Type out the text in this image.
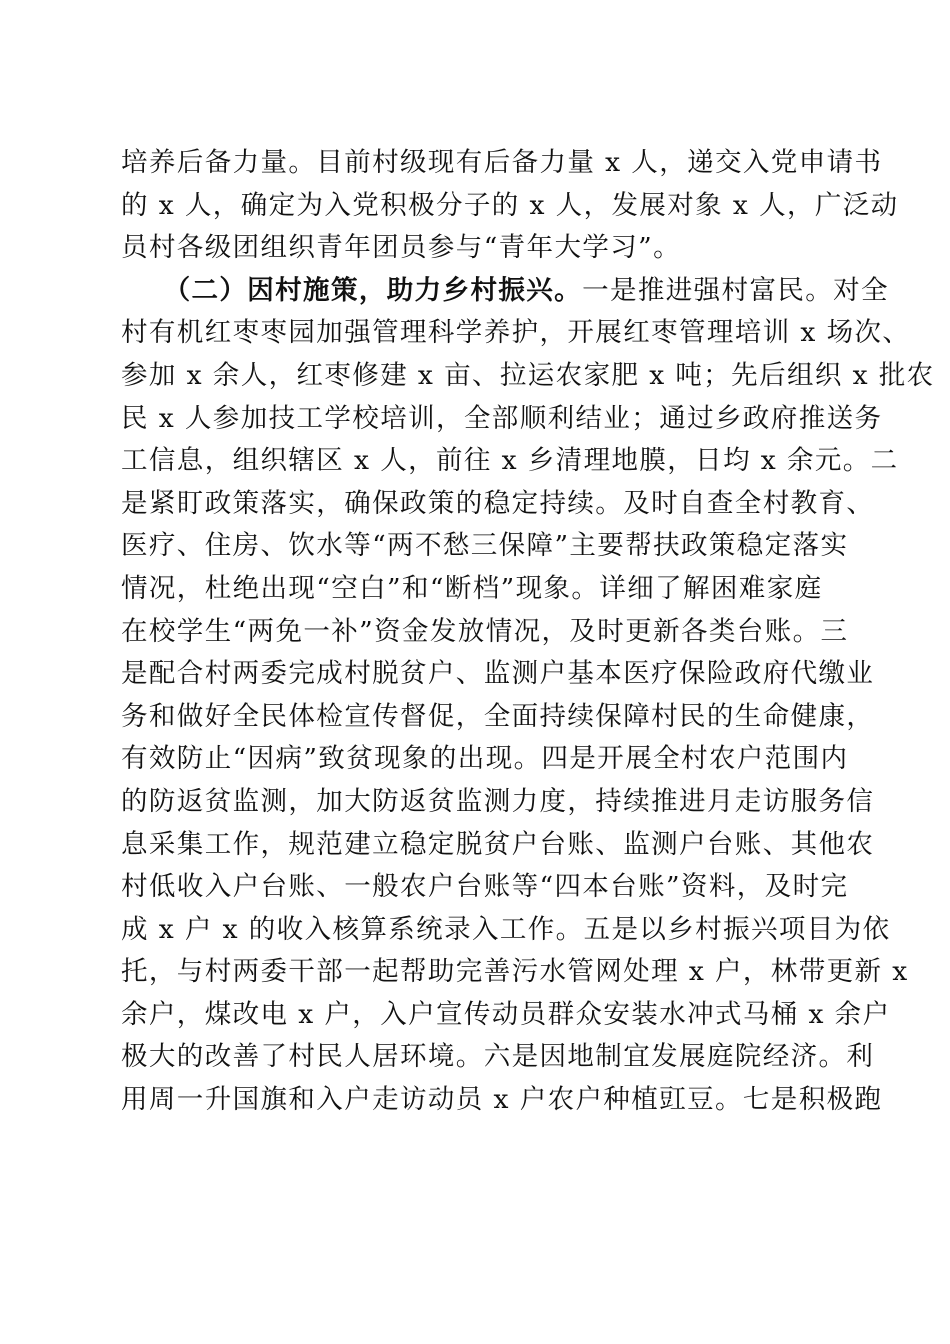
培养后备力量。目前村级现有后备力量 x 人，递交入党申请书
的 x 人，确定为入党积极分子的 x 人，发展对象 x 人，广泛动
员村各级团组织青年团员参与“青年大学习”。
　　（二）因村施策，助力乡村振兴。一是推进强村富民。对全
村有机红枣枣园加强管理科学养护，开展红枣管理培训 x 场次、
参加 x 余人，红枣修建 x 亩、拉运农家肥 x 吨；先后组织 x 批农
民 x 人参加技工学校培训，全部顺利结业；通过乡政府推送务
工信息，组织辖区 x 人，前往 x 乡清理地膜，日均 x 余元。二
是紧盯政策落实，确保政策的稳定持续。及时自查全村教育、
医疗、住房、饮水等“两不愁三保障”主要帮扶政策稳定落实
情况，杜绝出现“空白”和“断档”现象。详细了解困难家庭
在校学生“两免一补”资金发放情况，及时更新各类台账。三
是配合村两委完成村脱贫户、监测户基本医疗保险政府代缴业
务和做好全民体检宣传督促，全面持续保障村民的生命健康，
有效防止“因病”致贫现象的出现。四是开展全村农户范围内
的防返贫监测，加大防返贫监测力度，持续推进月走访服务信
息采集工作，规范建立稳定脱贫户台账、监测户台账、其他农
村低收入户台账、一般农户台账等“四本台账”资料，及时完
成 x 户 x 的收入核算系统录入工作。五是以乡村振兴项目为依
托，与村两委干部一起帮助完善污水管网处理 x 户，林带更新 x
余户，煤改电 x 户，入户宣传动员群众安装水冲式马桶 x 余户
极大的改善了村民人居环境。六是因地制宜发展庭院经济。利
用周一升国旗和入户走访动员 x 户农户种植豇豆。七是积极跑
